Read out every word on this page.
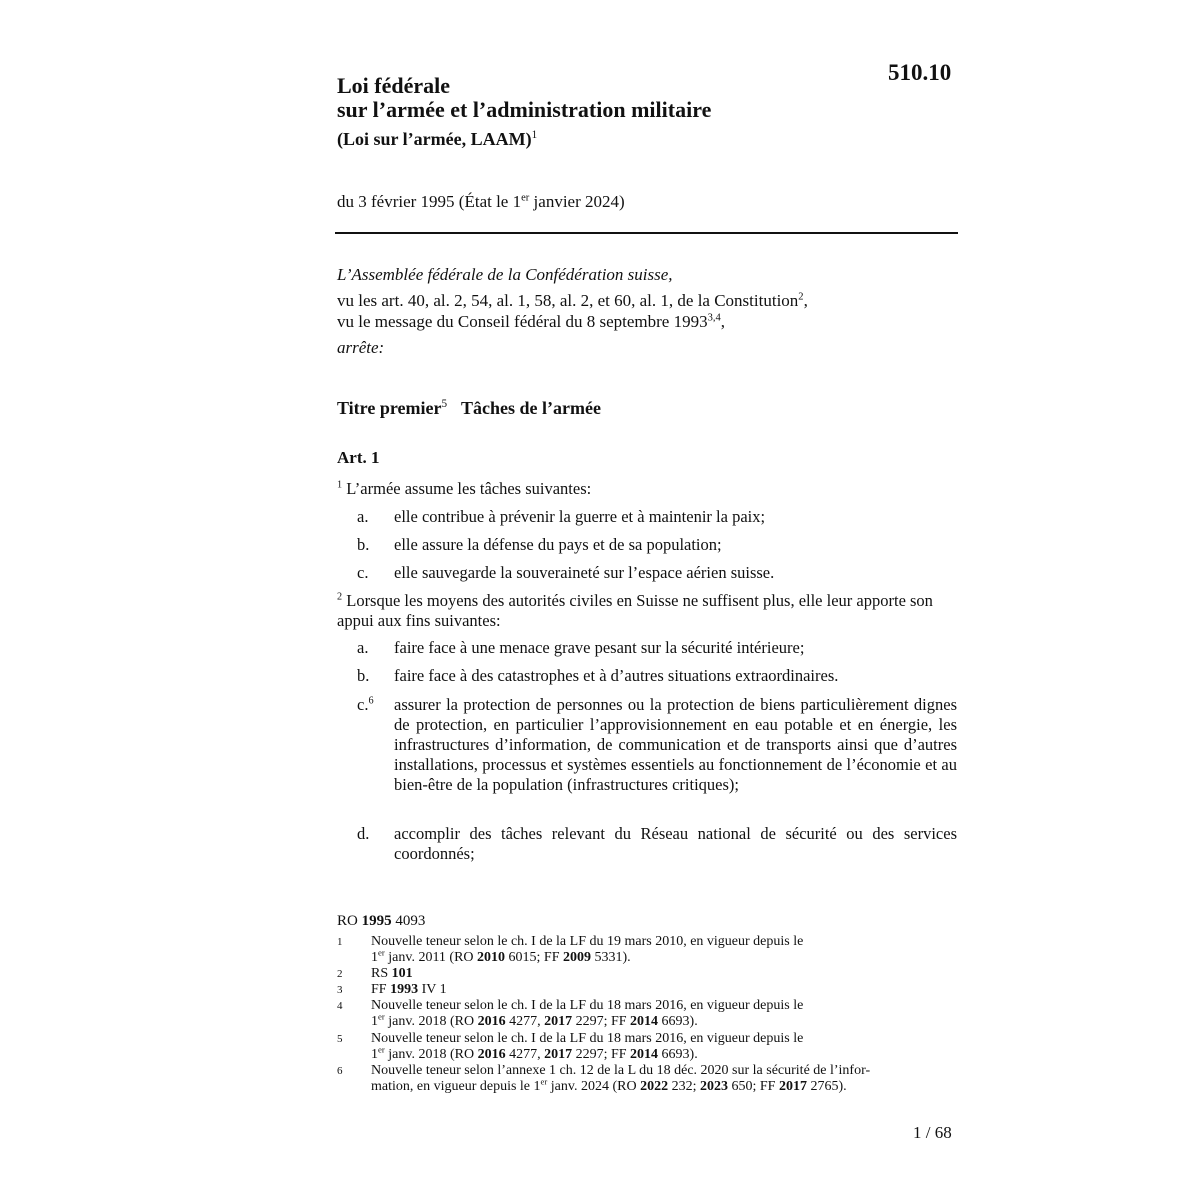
510.10
Loi fédérale
sur l’armée et l’administration militaire
(Loi sur l’armée, LAAM)$^1$
du 3 février 1995 (État le 1er janvier 2024)
L’Assemblée fédérale de la Confédération suisse,
vu les art. 40, al. 2, 54, al. 1, 58, al. 2, et 60, al. 1, de la Constitution$^2$,
vu le message du Conseil fédéral du 8 septembre 1993$^{3,4}$,
arrête:
Titre premier$^5$ Tâches de l’armée
Art. 1
$^1$ L’armée assume les tâches suivantes:
a. elle contribue à prévenir la guerre et à maintenir la paix;
b. elle assure la défense du pays et de sa population;
c. elle sauvegarde la souveraineté sur l’espace aérien suisse.
$^2$ Lorsque les moyens des autorités civiles en Suisse ne suffisent plus, elle leur apporte son appui aux fins suivantes:
a. faire face à une menace grave pesant sur la sécurité intérieure;
b. faire face à des catastrophes et à d’autres situations extraordinaires.
c.$^6$ assurer la protection de personnes ou la protection de biens particulièrement dignes de protection, en particulier l’approvisionnement en eau potable et en énergie, les infrastructures d’information, de communication et de transports ainsi que d’autres installations, processus et systèmes essentiels au fonctionnement de l’économie et au bien-être de la population (infrastructures critiques);
d. accomplir des tâches relevant du Réseau national de sécurité ou des services coordonnés;
RO 1995 4093
1 Nouvelle teneur selon le ch. I de la LF du 19 mars 2010, en vigueur depuis le
1er janv. 2011 (RO 2010 6015; FF 2009 5331).
2 RS 101
3 FF 1993 IV 1
4 Nouvelle teneur selon le ch. I de la LF du 18 mars 2016, en vigueur depuis le
1er janv. 2018 (RO 2016 4277, 2017 2297; FF 2014 6693).
5 Nouvelle teneur selon le ch. I de la LF du 18 mars 2016, en vigueur depuis le
1er janv. 2018 (RO 2016 4277, 2017 2297; FF 2014 6693).
6 Nouvelle teneur selon l’annexe 1 ch. 12 de la L du 18 déc. 2020 sur la sécurité de l’infor-
mation, en vigueur depuis le 1er janv. 2024 (RO 2022 232; 2023 650; FF 2017 2765).
1 / 68
